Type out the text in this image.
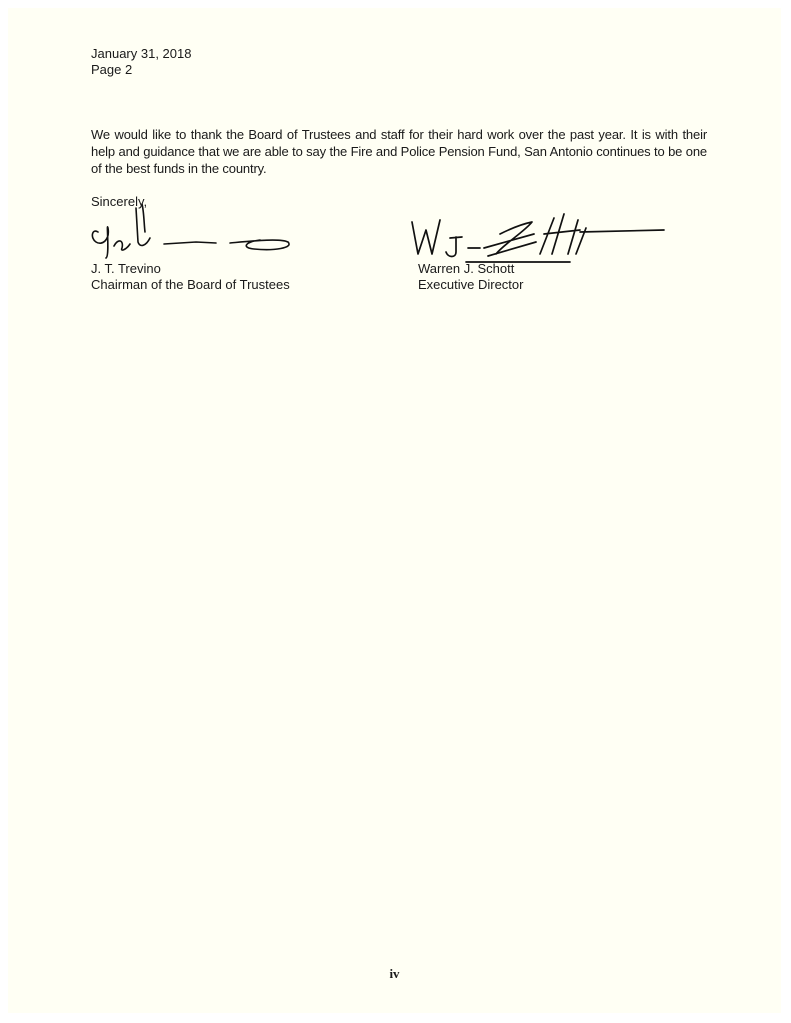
January 31, 2018
Page 2
We would like to thank the Board of Trustees and staff for their hard work over the past year. It is with their help and guidance that we are able to say the Fire and Police Pension Fund, San Antonio continues to be one of the best funds in the country.
Sincerely,
J. T. Trevino
Chairman of the Board of Trustees
Warren J. Schott
Executive Director
iv
